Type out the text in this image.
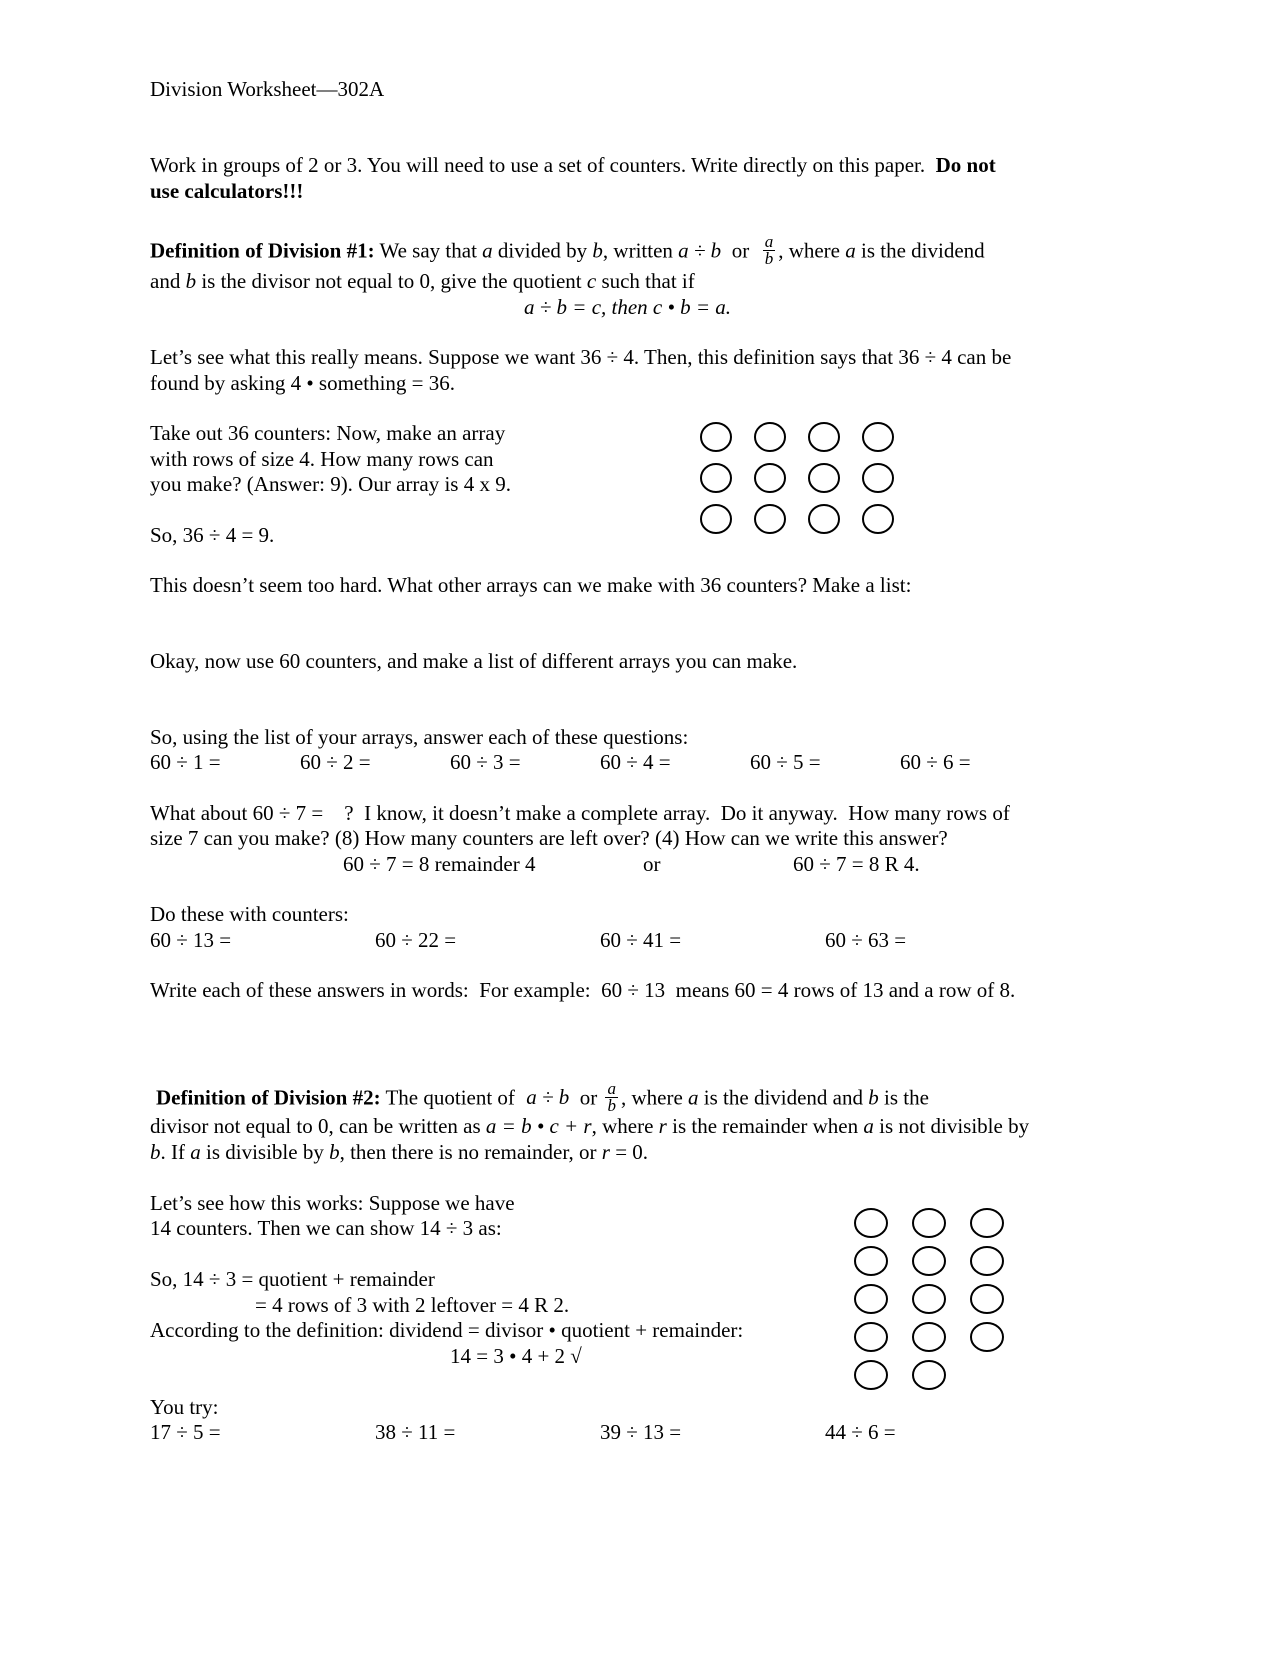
Division Worksheet—302A
Work in groups of 2 or 3. You will need to use a set of counters. Write directly on this paper. Do not
use calculators!!!
Definition of Division #1: We say that a divided by b, written a ÷ b  or $\frac{a}{b}$ , where a is the dividend
and b is the divisor not equal to 0, give the quotient c such that if
a ÷ b = c, then c • b = a.
Let’s see what this really means. Suppose we want 36 ÷ 4. Then, this definition says that 36 ÷ 4 can be
found by asking 4 • something = 36.
Take out 36 counters: Now, make an array
with rows of size 4. How many rows can
you make? (Answer: 9). Our array is 4 x 9.
So, 36 ÷ 4 = 9.
This doesn’t seem too hard. What other arrays can we make with 36 counters? Make a list:
Okay, now use 60 counters, and make a list of different arrays you can make.
So, using the list of your arrays, answer each of these questions:
60 ÷ 1 =	60 ÷ 2 =	60 ÷ 3 =	60 ÷ 4 =	60 ÷ 5 =	60 ÷ 6 =
What about 60 ÷ 7 =    ?  I know, it doesn’t make a complete array.  Do it anyway.  How many rows of
size 7 can you make? (8) How many counters are left over? (4) How can we write this answer?
60 ÷ 7 = 8 remainder 4	or	60 ÷ 7 = 8 R 4.
Do these with counters:
60 ÷ 13 =	60 ÷ 22 =	60 ÷ 41 =	60 ÷ 63 =
Write each of these answers in words:  For example:  60 ÷ 13  means 60 = 4 rows of 13 and a row of 8.
Definition of Division #2: The quotient of a ÷ b  or $\frac{a}{b}$ , where a is the dividend and b is the
divisor not equal to 0, can be written as a = b • c + r, where r is the remainder when a is not divisible by
b. If a is divisible by b, then there is no remainder, or r = 0.
Let’s see how this works: Suppose we have
14 counters. Then we can show 14 ÷ 3 as:
So, 14 ÷ 3 = quotient + remainder
= 4 rows of 3 with 2 leftover = 4 R 2.
According to the definition: dividend = divisor • quotient + remainder:
14 = 3 • 4 + 2 √
You try:
17 ÷ 5 =	38 ÷ 11 =	39 ÷ 13 =	44 ÷ 6 =
